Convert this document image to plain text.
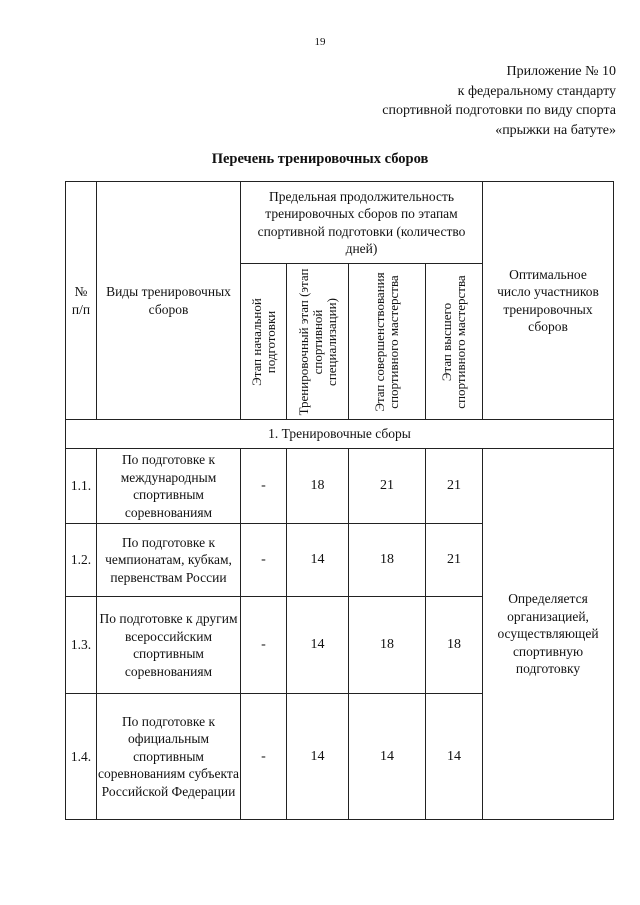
19
Приложение № 10
к федеральному стандарту
спортивной подготовки по виду спорта
«прыжки на батуте»
Перечень тренировочных сборов
№ п/п	Виды тренировочных сборов	Предельная продолжительность тренировочных сборов по этапам спортивной подготовки (количество дней)				Оптимальное число участников тренировочных сборов

		Этап начальной подготовки	Тренировочный этап (этап спортивной специализации)	Этап совершенствования спортивного мастерства	Этап высшего спортивного мастерства	

1. Тренировочные сборы						
1.1.	По подготовке к международным спортивным соревнованиям	-	18	21	21	Определяется организацией, осуществляющей спортивную подготовку
1.2.	По подготовке к чемпионатам, кубкам, первенствам России	-	14	18	21	
1.3.	По подготовке к другим всероссийским спортивным соревнованиям	-	14	18	18	
1.4.	По подготовке к официальным спортивным соревнованиям субъекта Российской Федерации	-	14	14	14	
